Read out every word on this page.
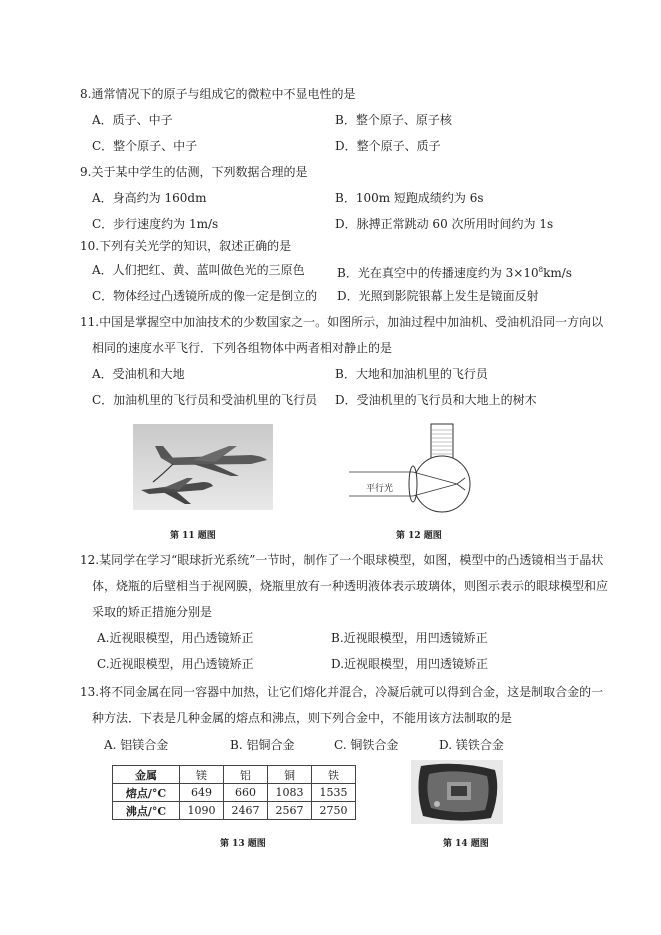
8.通常情况下的原子与组成它的微粒中不显电性的是
A．质子、中子	B．整个原子、原子核
C．整个原子、中子	D．整个原子、质子
9.关于某中学生的估测，下列数据合理的是
A．身高约为 160dm	B．100m 短跑成绩约为 6s
C．步行速度约为 1m/s	D．脉搏正常跳动 60 次所用时间约为 1s
10.下列有关光学的知识，叙述正确的是
A．人们把红、黄、蓝叫做色光的三原色	B．光在真空中的传播速度约为 $3\times 10^8km/s$
C．物体经过凸透镜所成的像一定是倒立的 D．光照到影院银幕上发生是镜面反射
11.中国是掌握空中加油技术的少数国家之一。如图所示，加油过程中加油机、受油机沿同一方向以
相同的速度水平飞行．下列各组物体中两者相对静止的是
A．受油机和大地	B．大地和加油机里的飞行员
C．加油机里的飞行员和受油机里的飞行员 D．受油机里的飞行员和大地上的树木
第 11 题图
平行光
第 12 题图
12.某同学在学习“眼球折光系统”一节时，制作了一个眼球模型，如图，模型中的凸透镜相当于晶状
体，烧瓶的后壁相当于视网膜，烧瓶里放有一种透明液体表示玻璃体，则图示表示的眼球模型和应
采取的矫正措施分别是
A.近视眼模型，用凸透镜矫正	B.近视眼模型，用凹透镜矫正
C.近视眼模型，用凸透镜矫正	D.近视眼模型，用凹透镜矫正
13.将不同金属在同一容器中加热，让它们熔化并混合，冷凝后就可以得到合金，这是制取合金的一
种方法．下表是几种金属的熔点和沸点，则下列合金中，不能用该方法制取的是
A. 铝镁合金	B. 铝铜合金	C. 铜铁合金	D. 镁铁合金
金属	镁	铝	铜	铁
熔点/°C	649	660	1083	1535
沸点/°C	1090	2467	2567	2750
第 13 题图	第 14 题图
